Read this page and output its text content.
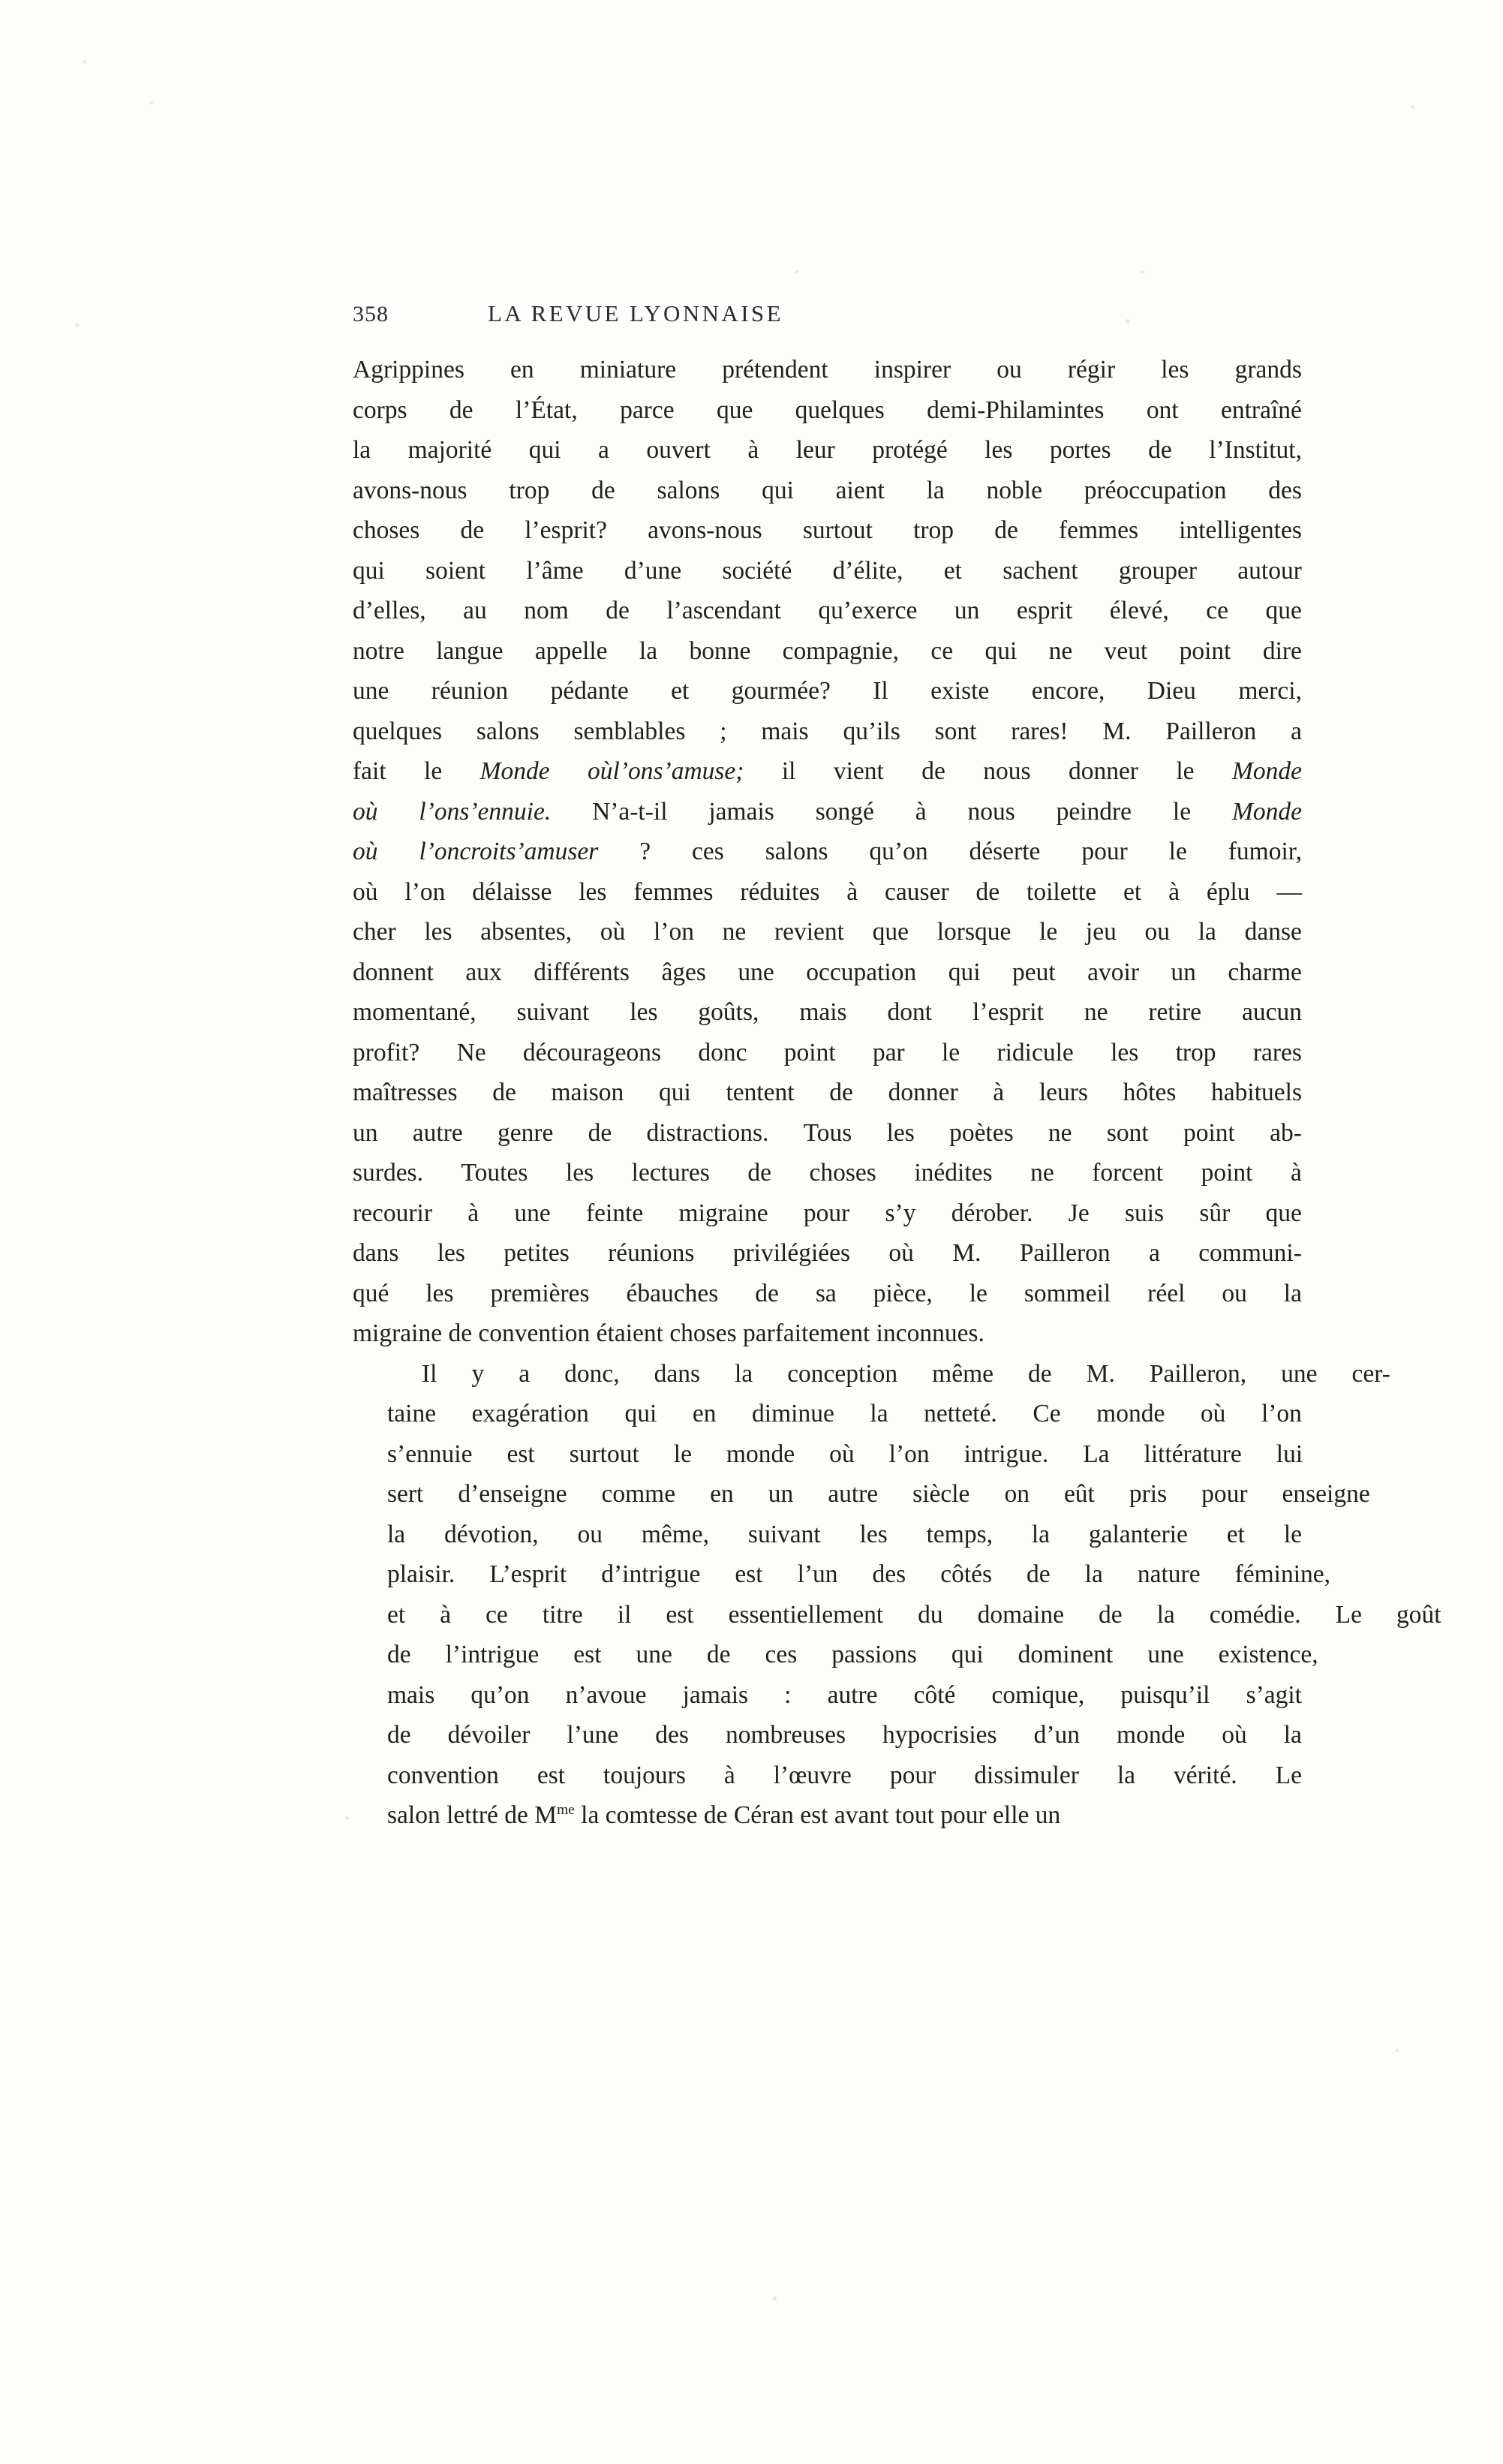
358	LA REVUE LYONNAISE

Agrippines en miniature prétendent inspirer ou régir les grands
corps de l’État, parce que quelques demi-Philamintes ont entraîné
la majorité qui a ouvert à leur protégé les portes de l’Institut,
avons-nous trop de salons qui aient la noble préoccupation des
choses de l’esprit? avons-nous surtout trop de femmes intelligentes
qui soient l’âme d’une société d’élite, et sachent grouper autour
d’elles, au nom de l’ascendant qu’exerce un esprit élevé, ce que
notre langue appelle la bonne compagnie, ce qui ne veut point dire
une réunion pédante et gourmée? Il existe encore, Dieu merci,
quelques salons semblables ; mais qu’ils sont rares! M. Pailleron a
fait le Monde oùl’ons’amuse; il vient de nous donner le Monde
où l’ons’ennuie. N’a-t-il jamais songé à nous peindre le Monde
où l’oncroits’amuser ? ces salons qu’on déserte pour le fumoir,
où l’on délaisse les femmes réduites à causer de toilette et à éplu —
cher les absentes, où l’on ne revient que lorsque le jeu ou la danse
donnent aux différents âges une occupation qui peut avoir un charme
momentané, suivant les goûts, mais dont l’esprit ne retire aucun
profit? Ne décourageons donc point par le ridicule les trop rares
maîtresses de maison qui tentent de donner à leurs hôtes habituels
un autre genre de distractions. Tous les poètes ne sont point ab-
surdes. Toutes les lectures de choses inédites ne forcent point à
recourir à une feinte migraine pour s’y dérober. Je suis sûr que
dans les petites réunions privilégiées où M. Pailleron a communi-
qué les premières ébauches de sa pièce, le sommeil réel ou la
migraine de convention étaient choses parfaitement inconnues.

Il	y	a	donc,	dans	la	conception	même	de	M.	Pailleron,	une	cer-
taine	exagération	qui	en	diminue	la	netteté.	Ce	monde	où	l’on
s’ennuie	est	surtout	le	monde	où	l’on	intrigue.	La	littérature	lui
sert	d’enseigne	comme	en	un	autre	siècle	on	eût	pris	pour	enseigne
la	dévotion,	ou	même,	suivant	les	temps,	la	galanterie	et	le
plaisir.	L’esprit	d’intrigue	est	l’un	des	côtés	de	la	nature	féminine,
et	à	ce	titre	il	est	essentiellement	du	domaine	de	la	comédie.	Le	goût
de	l’intrigue	est	une	de	ces	passions	qui	dominent	une	existence,
mais	qu’on	n’avoue	jamais	:	autre	côté	comique,	puisqu’il	s’agit
de	dévoiler	l’une	des	nombreuses	hypocrisies	d’un	monde	où	la
convention	est	toujours	à	l’œuvre	pour	dissimuler	la	vérité.	Le
salon lettré de $M^{me}$ la comtesse de Céran est avant tout pour elle un
